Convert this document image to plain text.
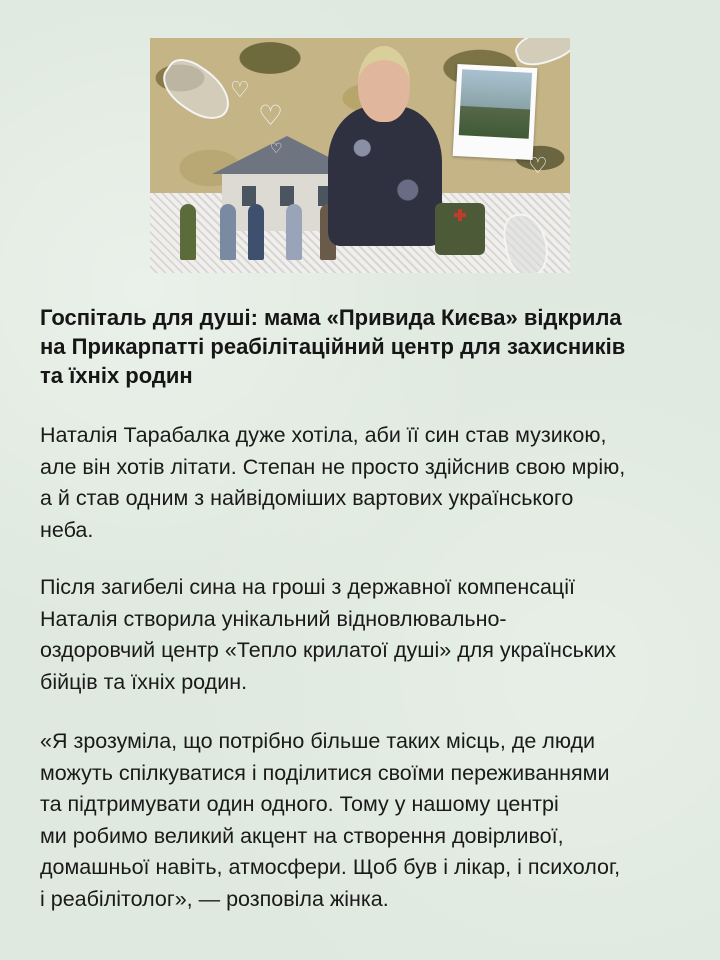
♡
♡
♡
♡
Госпіталь для душі: мама «Привида Києва» відкрила
на Прикарпатті реабілітаційний центр для захисників
та їхніх родин

Наталія Тарабалка дуже хотіла, аби її син став музикою,
але він хотів літати. Степан не просто здійснив свою мрію,
а й став одним з найвідоміших вартових українського
неба.

Після загибелі сина на гроші з державної компенсації
Наталія створила унікальний відновлювально-
оздоровчий центр «Тепло крилатої душі» для українських
бійців та їхніх родин.

«Я зрозуміла, що потрібно більше таких місць, де люди
можуть спілкуватися і поділитися своїми переживаннями
та підтримувати один одного. Тому у нашому центрі
ми робимо великий акцент на створення довірливої,
домашньої навіть, атмосфери. Щоб був і лікар, і психолог,
і реабілітолог», — розповіла жінка.
